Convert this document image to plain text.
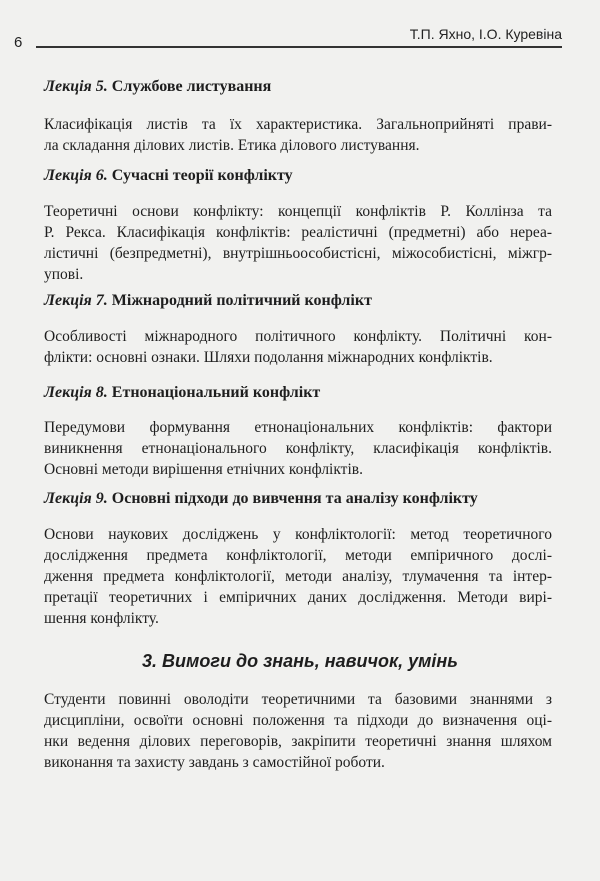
6	Т.П. Яхно, І.О. Куревіна
Лекція 5. Службове листування
Класифікація листів та їх характеристика. Загальноприйняті прави-
ла складання ділових листів. Етика ділового листування.
Лекція 6. Сучасні теорії конфлікту
Теоретичні основи конфлікту: концепції конфліктів Р. Коллінза та
Р. Рекса. Класифікація конфліктів: реалістичні (предметні) або нереа-
лістичні (безпредметні), внутрішньоособистісні, міжособистісні, міжгр-
упові.
Лекція 7. Міжнародний політичний конфлікт
Особливості міжнародного політичного конфлікту. Політичні кон-
флікти: основні ознаки. Шляхи подолання міжнародних конфліктів.
Лекція 8. Етнонаціональний конфлікт
Передумови формування етнонаціональних конфліктів: фактори
виникнення етнонаціонального конфлікту, класифікація конфліктів.
Основні методи вирішення етнічних конфліктів.
Лекція 9. Основні підходи до вивчення та аналізу конфлікту
Основи наукових досліджень у конфліктології: метод теоретичного
дослідження предмета конфліктології, методи емпіричного дослі-
дження предмета конфліктології, методи аналізу, тлумачення та інтер-
претації теоретичних і емпіричних даних дослідження. Методи вирі-
шення конфлікту.
3. Вимоги до знань, навичок, умінь
Студенти повинні оволодіти теоретичними та базовими знаннями з
дисципліни, освоїти основні положення та підходи до визначення оці-
нки ведення ділових переговорів, закріпити теоретичні знання шляхом
виконання та захисту завдань з самостійної роботи.
